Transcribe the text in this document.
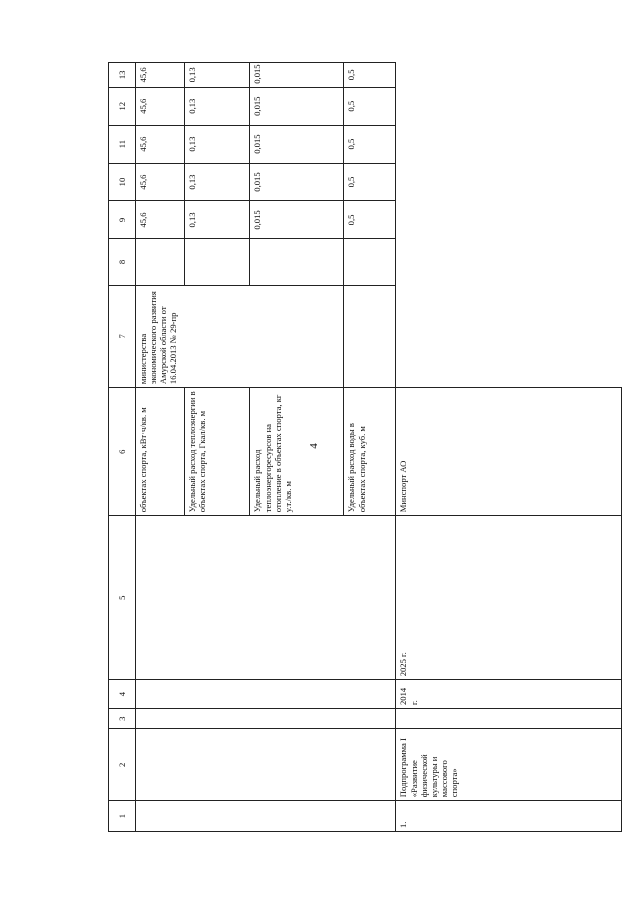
4
1	2	3	4	5	6	7	8	9	10	11	12	13
					объектах спорта, кВт·ч/кв. м	министерства экономического развития Амурской области от 16.04.2013 № 29-пр		45,6	45,6	45,6	45,6	45,6
					Удельный расход теплоэнергии в объектах спорта, Гкал/кв. м			0,13	0,13	0,13	0,13	0,13
					Удельный расход теплоэнергоресурсов на отопление в объектах спорта, кг у.т./кв. м			0,015	0,015	0,015	0,015	0,015
					Удельный расход воды в объектах спорта, куб. м			0,5	0,5	0,5	0,5	0,5
1.	Подпрограмма I «Развитие физической культуры и массового спорта»		2014 г.	2025 г.	Минспорт АО							
